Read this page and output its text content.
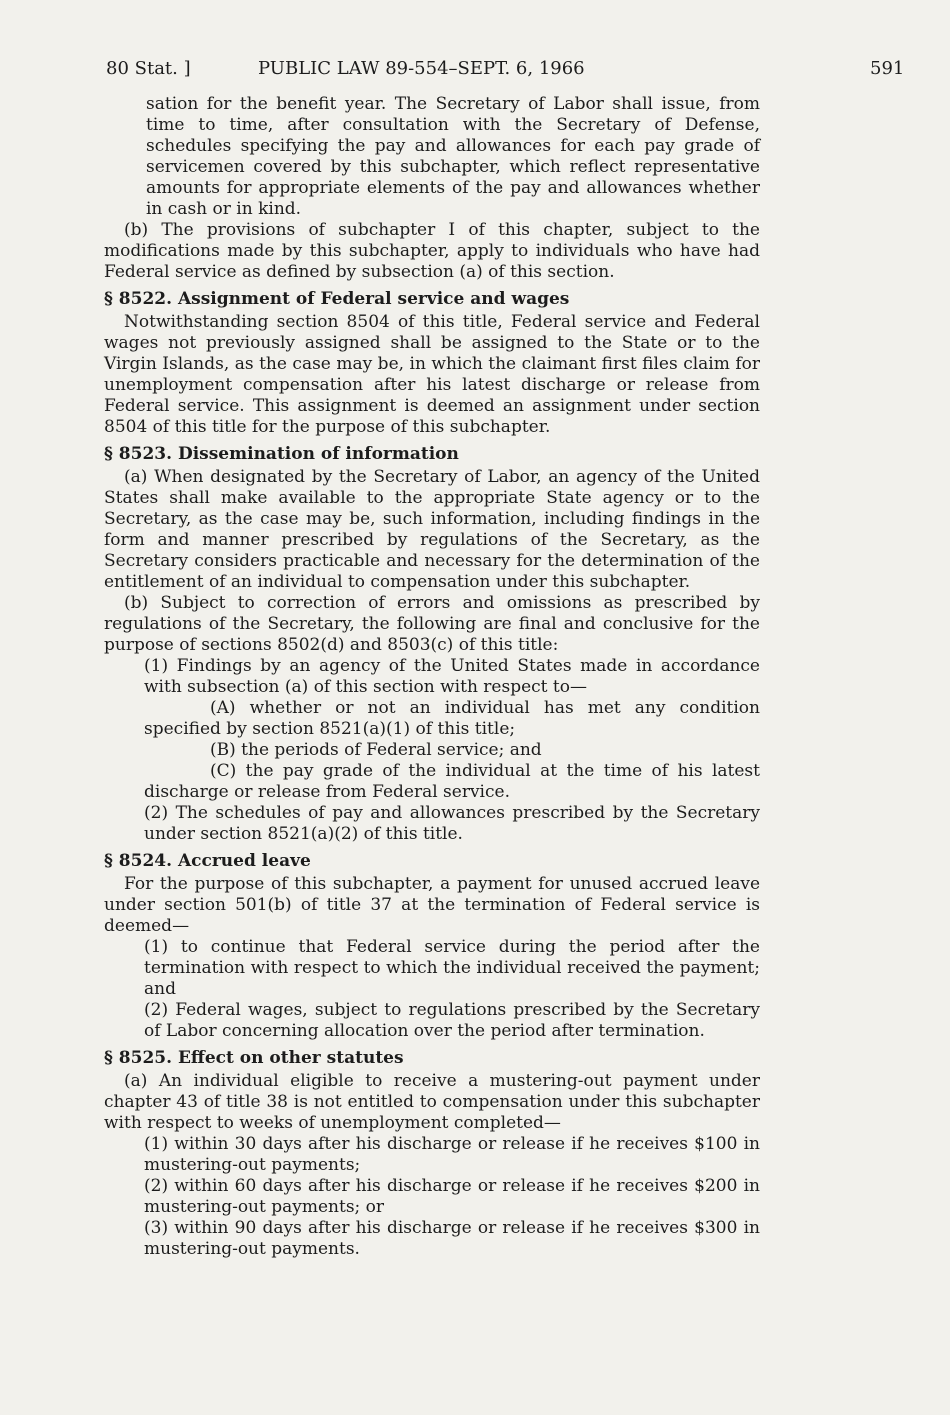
80 Stat. ]	PUBLIC LAW 89-554–SEPT. 6, 1966	591

sation for the benefit year. The Secretary of Labor shall issue, from time to time, after consultation with the Secretary of Defense, schedules specifying the pay and allowances for each pay grade of servicemen covered by this subchapter, which reflect representative amounts for appropriate elements of the pay and allowances whether in cash or in kind.

(b) The provisions of subchapter I of this chapter, subject to the modifications made by this subchapter, apply to individuals who have had Federal service as defined by subsection (a) of this section.

§ 8522. Assignment of Federal service and wages

Notwithstanding section 8504 of this title, Federal service and Federal wages not previously assigned shall be assigned to the State or to the Virgin Islands, as the case may be, in which the claimant first files claim for unemployment compensation after his latest discharge or release from Federal service. This assignment is deemed an assignment under section 8504 of this title for the purpose of this subchapter.

§ 8523. Dissemination of information

(a) When designated by the Secretary of Labor, an agency of the United States shall make available to the appropriate State agency or to the Secretary, as the case may be, such information, including findings in the form and manner prescribed by regulations of the Secretary, as the Secretary considers practicable and necessary for the determination of the entitlement of an individual to compensation under this subchapter.

(b) Subject to correction of errors and omissions as prescribed by regulations of the Secretary, the following are final and conclusive for the purpose of sections 8502(d) and 8503(c) of this title:

(1) Findings by an agency of the United States made in accordance with subsection (a) of this section with respect to—

(A) whether or not an individual has met any condition specified by section 8521(a)(1) of this title;

(B) the periods of Federal service; and

(C) the pay grade of the individual at the time of his latest discharge or release from Federal service.

(2) The schedules of pay and allowances prescribed by the Secretary under section 8521(a)(2) of this title.

§ 8524. Accrued leave

For the purpose of this subchapter, a payment for unused accrued leave under section 501(b) of title 37 at the termination of Federal service is deemed—

(1) to continue that Federal service during the period after the termination with respect to which the individual received the payment; and

(2) Federal wages, subject to regulations prescribed by the Secretary of Labor concerning allocation over the period after termination.

§ 8525. Effect on other statutes

(a) An individual eligible to receive a mustering-out payment under chapter 43 of title 38 is not entitled to compensation under this subchapter with respect to weeks of unemployment completed—

(1) within 30 days after his discharge or release if he receives $100 in mustering-out payments;

(2) within 60 days after his discharge or release if he receives $200 in mustering-out payments; or

(3) within 90 days after his discharge or release if he receives $300 in mustering-out payments.
